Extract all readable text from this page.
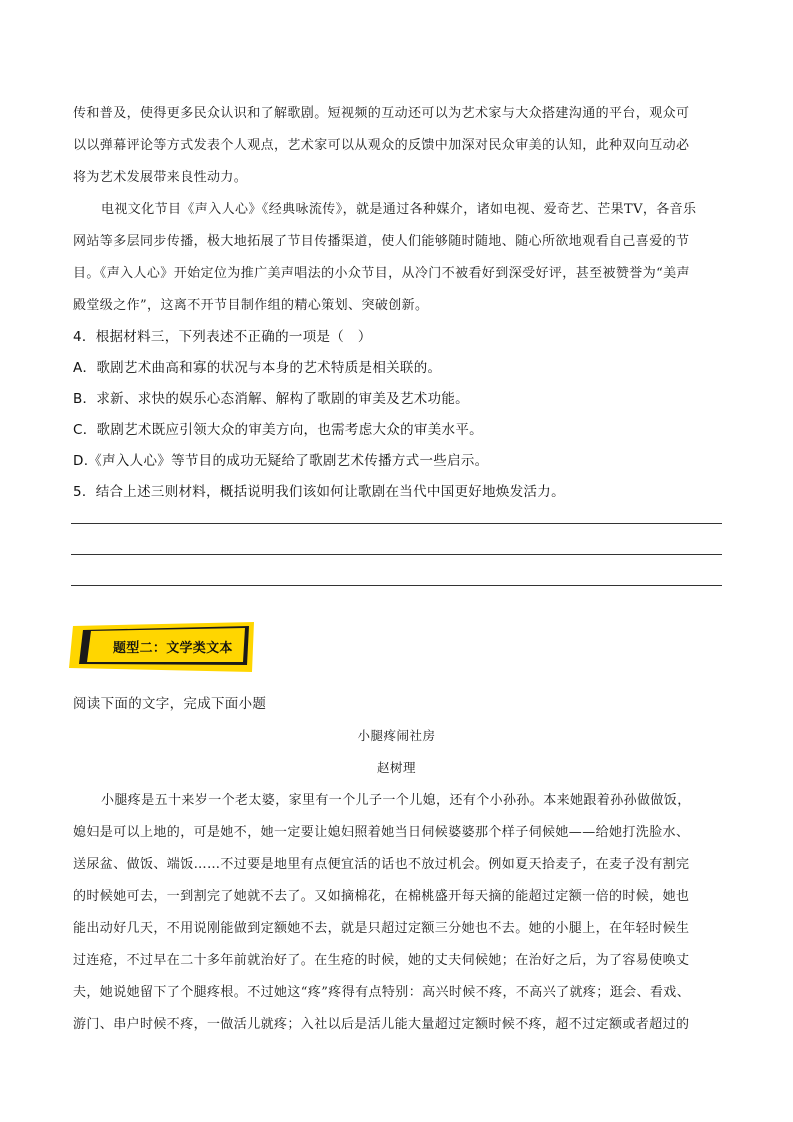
传和普及，使得更多民众认识和了解歌剧。短视频的互动还可以为艺术家与大众搭建沟通的平台，观众可
以以弹幕评论等方式发表个人观点，艺术家可以从观众的反馈中加深对民众审美的认知，此种双向互动必
将为艺术发展带来良性动力。
电视文化节目《声入人心》《经典咏流传》，就是通过各种媒介，诸如电视、爱奇艺、芒果TV，各音乐
网站等多层同步传播，极大地拓展了节目传播渠道，使人们能够随时随地、随心所欲地观看自己喜爱的节
目。《声入人心》开始定位为推广美声唱法的小众节目，从冷门不被看好到深受好评，甚至被赞誉为“美声
殿堂级之作”，这离不开节目制作组的精心策划、突破创新。
4．根据材料三，下列表述不正确的一项是（　）
A．歌剧艺术曲高和寡的状况与本身的艺术特质是相关联的。
B．求新、求快的娱乐心态消解、解构了歌剧的审美及艺术功能。
C．歌剧艺术既应引领大众的审美方向，也需考虑大众的审美水平。
D.《声入人心》等节目的成功无疑给了歌剧艺术传播方式一些启示。
5．结合上述三则材料，概括说明我们该如何让歌剧在当代中国更好地焕发活力。
题型二：文学类文本
阅读下面的文字，完成下面小题
小腿疼闹社房
赵树理
小腿疼是五十来岁一个老太婆，家里有一个儿子一个儿媳，还有个小孙孙。本来她跟着孙孙做做饭，
媳妇是可以上地的，可是她不，她一定要让媳妇照着她当日伺候婆婆那个样子伺候她——给她打洗脸水、
送尿盆、做饭、端饭……不过要是地里有点便宜活的话也不放过机会。例如夏天拾麦子，在麦子没有割完
的时候她可去，一到割完了她就不去了。又如摘棉花，在棉桃盛开每天摘的能超过定额一倍的时候，她也
能出动好几天，不用说刚能做到定额她不去，就是只超过定额三分她也不去。她的小腿上，在年轻时候生
过连疮，不过早在二十多年前就治好了。在生疮的时候，她的丈夫伺候她；在治好之后，为了容易使唤丈
夫，她说她留下了个腿疼根。不过她这“疼”疼得有点特别：高兴时候不疼，不高兴了就疼；逛会、看戏、
游门、串户时候不疼，一做活儿就疼；入社以后是活儿能大量超过定额时候不疼，超不过定额或者超过的
